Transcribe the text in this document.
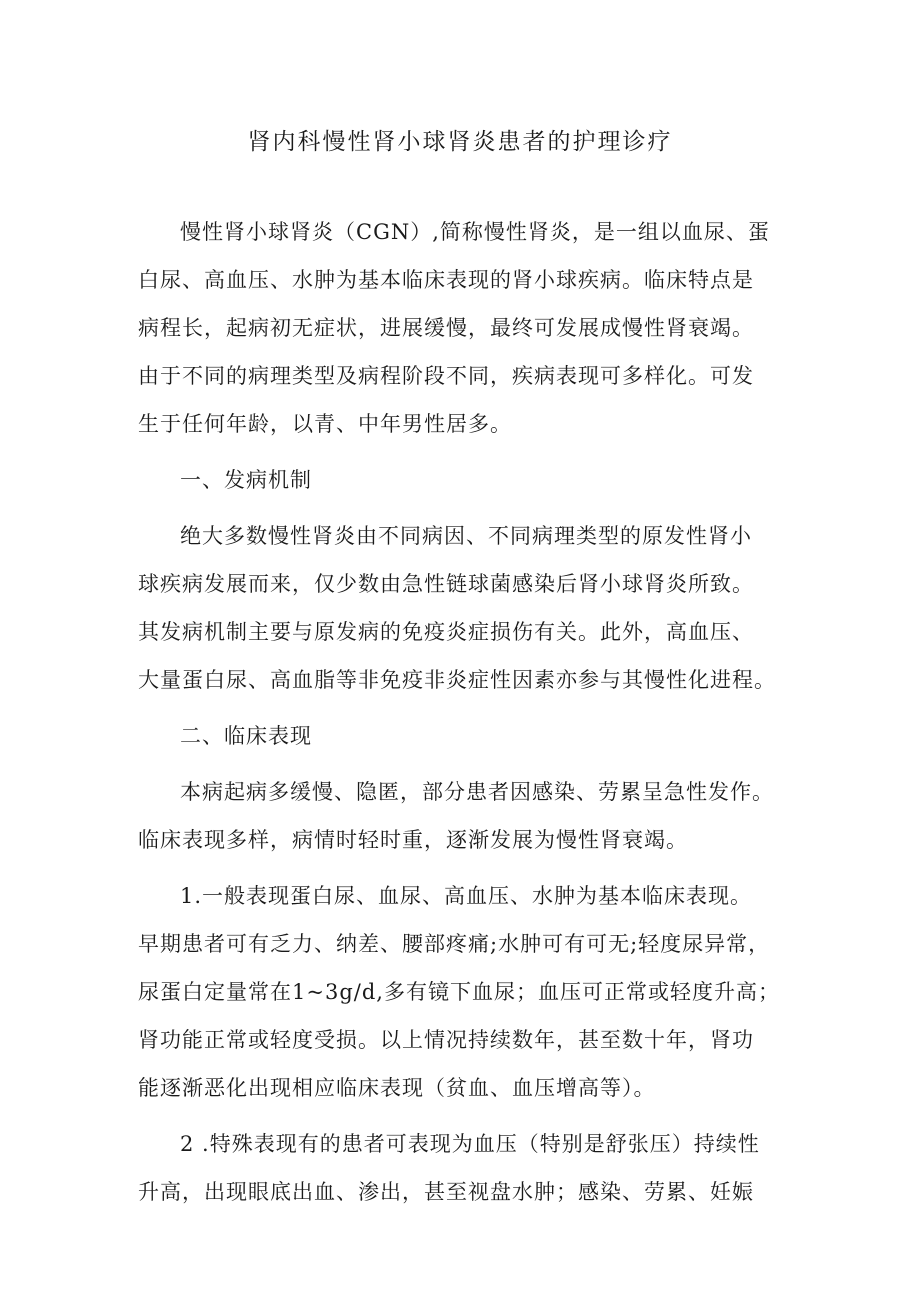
肾内科慢性肾小球肾炎患者的护理诊疗

慢性肾小球肾炎（CGN）,简称慢性肾炎，是一组以血尿、蛋
白尿、高血压、水肿为基本临床表现的肾小球疾病。临床特点是
病程长，起病初无症状，进展缓慢，最终可发展成慢性肾衰竭。
由于不同的病理类型及病程阶段不同，疾病表现可多样化。可发
生于任何年龄，以青、中年男性居多。

一、发病机制

绝大多数慢性肾炎由不同病因、不同病理类型的原发性肾小
球疾病发展而来，仅少数由急性链球菌感染后肾小球肾炎所致。
其发病机制主要与原发病的免疫炎症损伤有关。此外，高血压、
大量蛋白尿、高血脂等非免疫非炎症性因素亦参与其慢性化进程。

二、临床表现

本病起病多缓慢、隐匿，部分患者因感染、劳累呈急性发作。
临床表现多样，病情时轻时重，逐渐发展为慢性肾衰竭。

1.一般表现蛋白尿、血尿、高血压、水肿为基本临床表现。
早期患者可有乏力、纳差、腰部疼痛;水肿可有可无;轻度尿异常，
尿蛋白定量常在1~3g/d,多有镜下血尿；血压可正常或轻度升高；
肾功能正常或轻度受损。以上情况持续数年，甚至数十年，肾功
能逐渐恶化出现相应临床表现（贫血、血压增高等）。

2 .特殊表现有的患者可表现为血压（特别是舒张压）持续性
升高，出现眼底出血、渗出，甚至视盘水肿；感染、劳累、妊娠
